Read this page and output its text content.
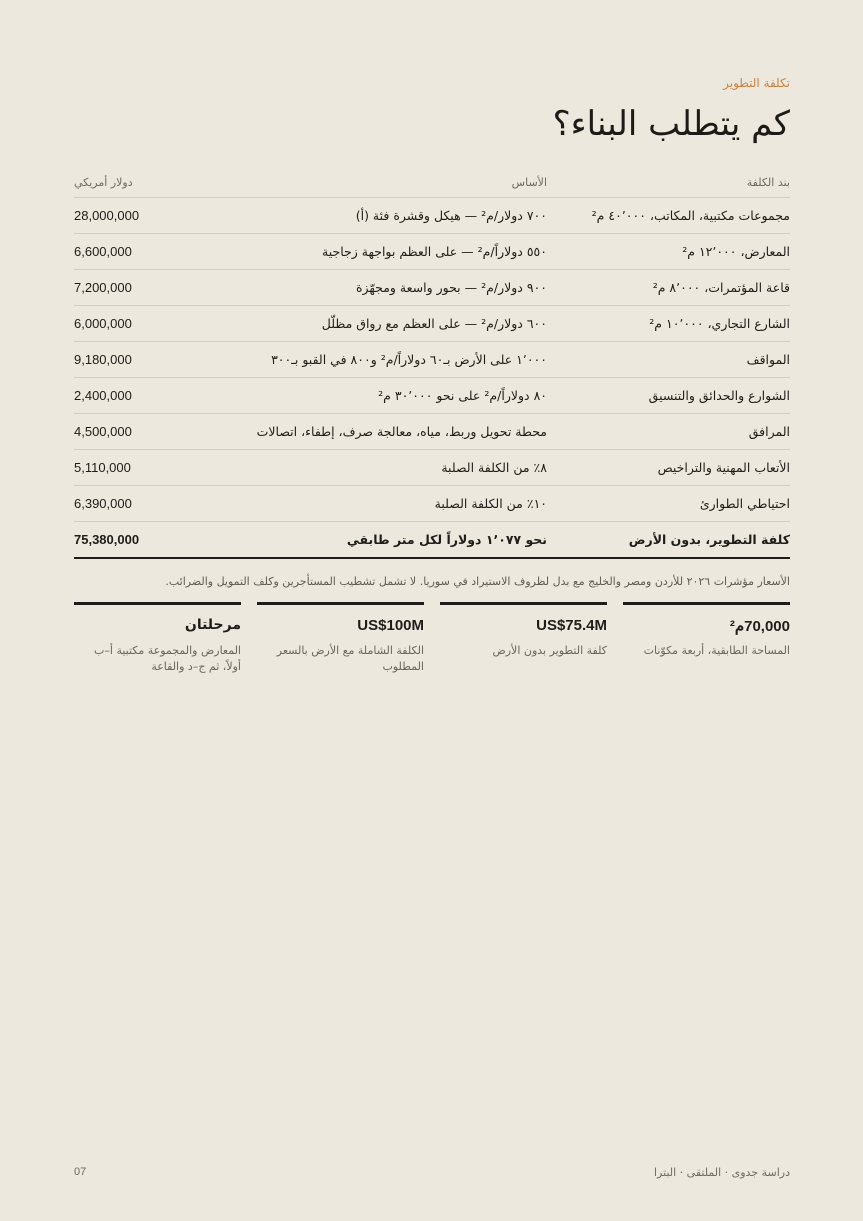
تكلفة التطوير
كم يتطلب البناء؟
بند الكلفة
الأساس
دولار أمريكي
مجموعات مكتبية، المكاتب، ٤٠٬٠٠٠ م²
٧٠٠ دولار/م² — هيكل وقشرة فئة (أ)
28,000,000
المعارض، ١٢٬٠٠٠ م²
٥٥٠ دولاراً/م² — على العظم بواجهة زجاجية
6,600,000
قاعة المؤتمرات، ٨٬٠٠٠ م²
٩٠٠ دولار/م² — بحور واسعة ومجهّزة
7,200,000
الشارع التجاري، ١٠٬٠٠٠ م²
٦٠٠ دولار/م² — على العظم مع رواق مظلّل
6,000,000
المواقف
١٬٠٠٠ على الأرض بـ٦٠ دولاراً/م² و٨٠٠ في القبو بـ٣٠٠
9,180,000
الشوارع والحدائق والتنسيق
٨٠ دولاراً/م² على نحو ٣٠٬٠٠٠ م²
2,400,000
المرافق
محطة تحويل وربط، مياه، معالجة صرف، إطفاء، اتصالات
4,500,000
الأتعاب المهنية والتراخيص
٨٪ من الكلفة الصلبة
5,110,000
احتياطي الطوارئ
١٠٪ من الكلفة الصلبة
6,390,000
كلفة التطوير، بدون الأرض
نحو ١٬٠٧٧ دولاراً لكل متر طابقي
75,380,000
الأسعار مؤشرات ٢٠٢٦ للأردن ومصر والخليج مع بدل لظروف الاستيراد في سوريا. لا تشمل تشطيب المستأجرين وكلف التمويل والضرائب.
70,000م²
المساحة الطابقية، أربعة مكوّنات
US$75.4M
كلفة التطوير بدون الأرض
US$100M
الكلفة الشاملة مع الأرض بالسعر المطلوب
مرحلتان
المعارض والمجموعة مكتبية أ–ب أولاً، ثم ج–د والقاعة
07	دراسة جدوى · الملتقى · البترا
